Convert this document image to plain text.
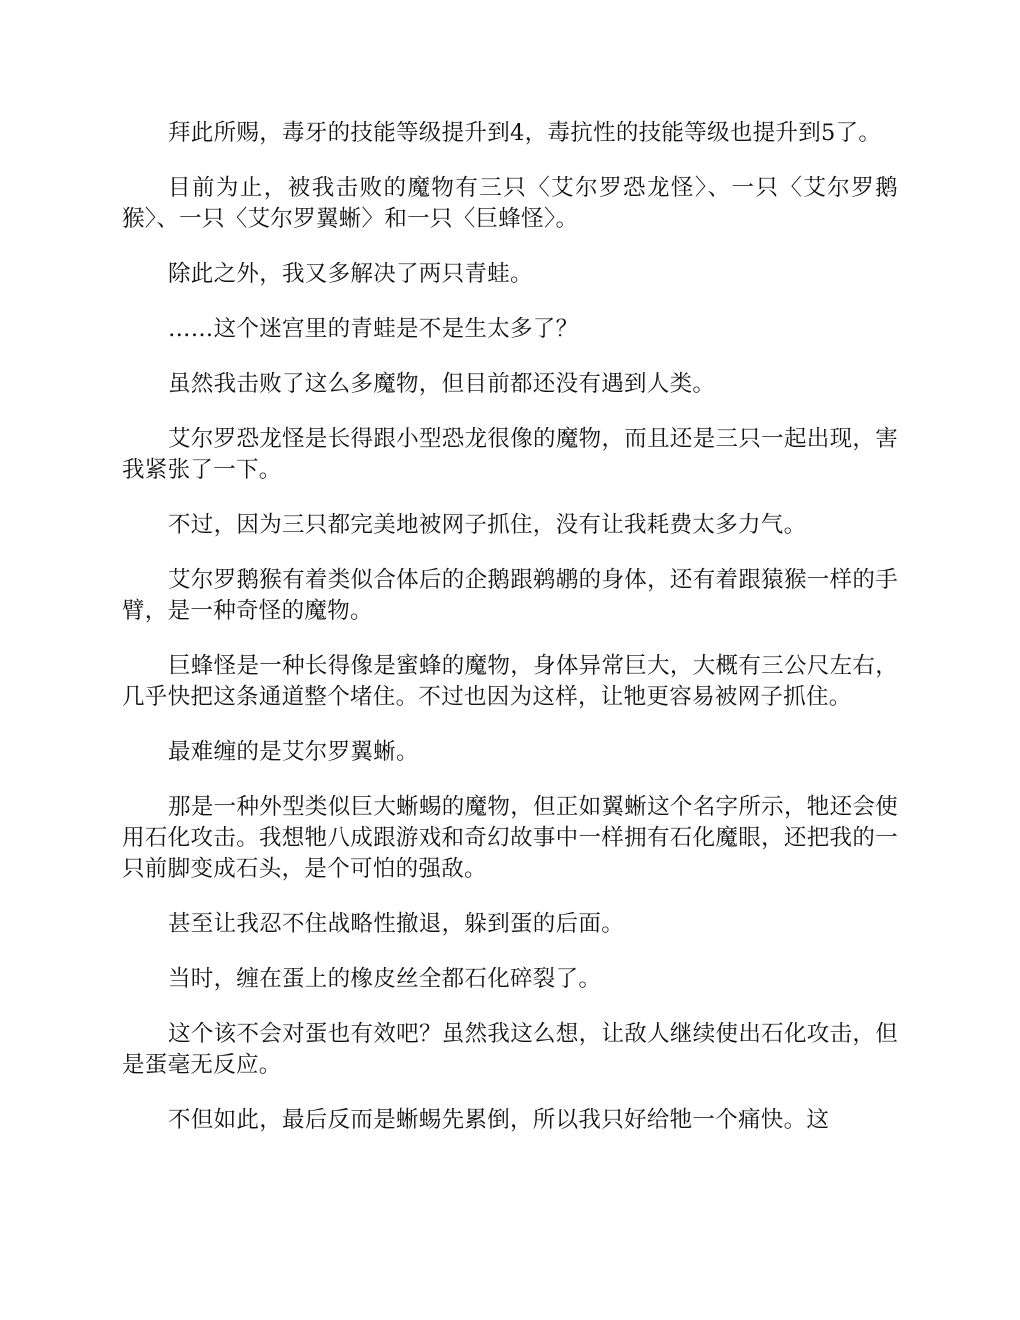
拜此所赐，毒牙的技能等级提升到4，毒抗性的技能等级也提升到5了。

目前为止，被我击败的魔物有三只〈艾尔罗恐龙怪〉、一只〈艾尔罗鹅猴〉、一只〈艾尔罗翼蜥〉和一只〈巨蜂怪〉。

除此之外，我又多解决了两只青蛙。

……这个迷宫里的青蛙是不是生太多了？

虽然我击败了这么多魔物，但目前都还没有遇到人类。

艾尔罗恐龙怪是长得跟小型恐龙很像的魔物，而且还是三只一起出现，害我紧张了一下。

不过，因为三只都完美地被网子抓住，没有让我耗费太多力气。

艾尔罗鹅猴有着类似合体后的企鹅跟鹈鹕的身体，还有着跟猿猴一样的手臂，是一种奇怪的魔物。

巨蜂怪是一种长得像是蜜蜂的魔物，身体异常巨大，大概有三公尺左右，几乎快把这条通道整个堵住。不过也因为这样，让牠更容易被网子抓住。

最难缠的是艾尔罗翼蜥。

那是一种外型类似巨大蜥蜴的魔物，但正如翼蜥这个名字所示，牠还会使用石化攻击。我想牠八成跟游戏和奇幻故事中一样拥有石化魔眼，还把我的一只前脚变成石头，是个可怕的强敌。

甚至让我忍不住战略性撤退，躲到蛋的后面。

当时，缠在蛋上的橡皮丝全都石化碎裂了。

这个该不会对蛋也有效吧？虽然我这么想，让敌人继续使出石化攻击，但是蛋毫无反应。

不但如此，最后反而是蜥蜴先累倒，所以我只好给牠一个痛快。这
